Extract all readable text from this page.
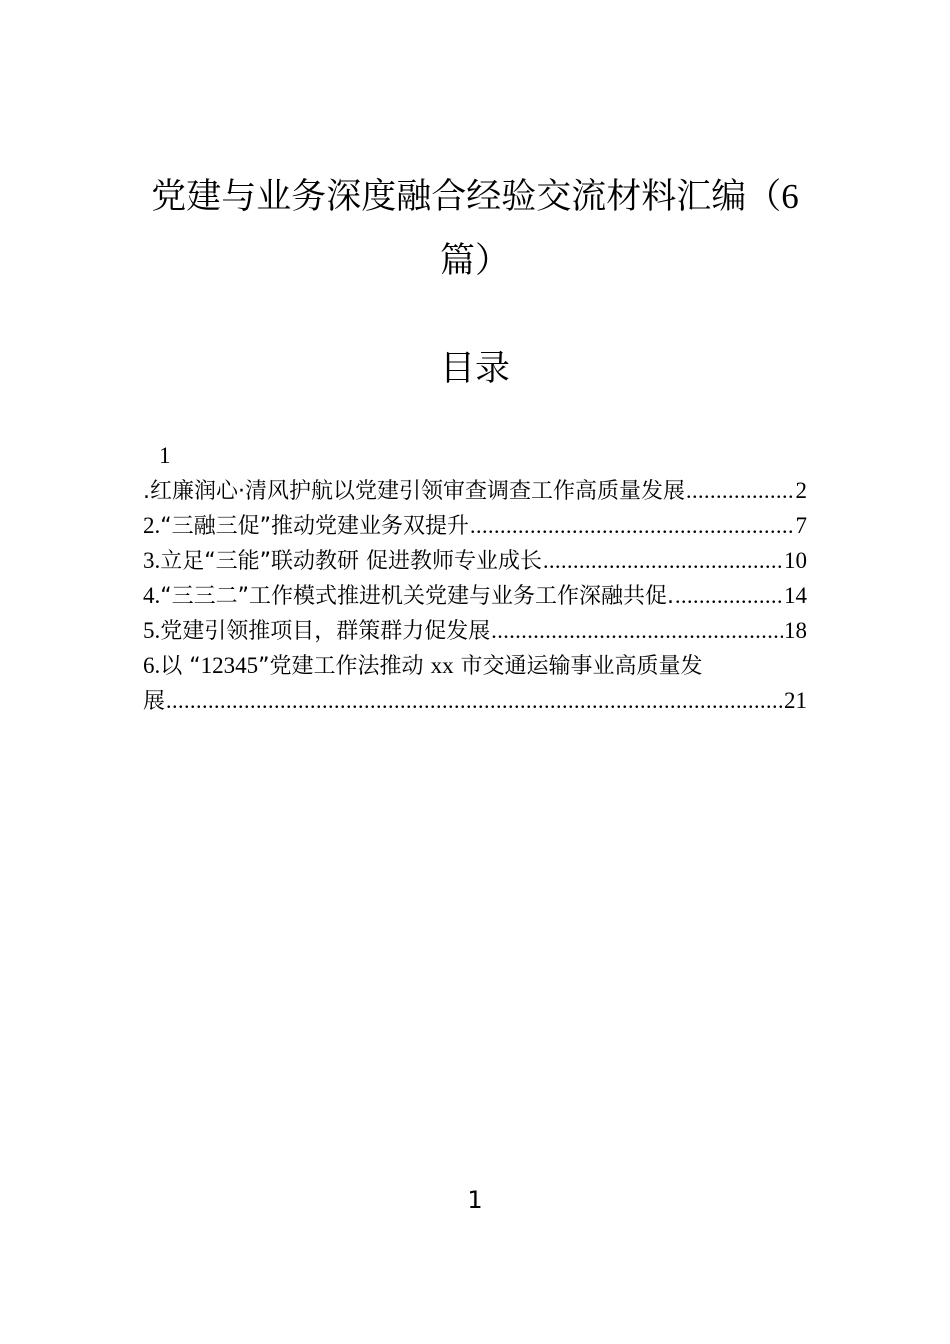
党建与业务深度融合经验交流材料汇编（6
篇）
目录
1
.红廉润心·清风护航以党建引领审查调查工作高质量发展 .....	2
2.“三融三促”推动党建业务双提升 .....	7
3.立足“三能”联动教研 促进教师专业成长 .....	10
4.“三三二”工作模式推进机关党建与业务工作深融共促. .....	14
5.党建引领推项目，群策群力促发展 .....	18
6.以 “12345”党建工作法推动 xx 市交通运输事业高质量发
展 .....	21
1
